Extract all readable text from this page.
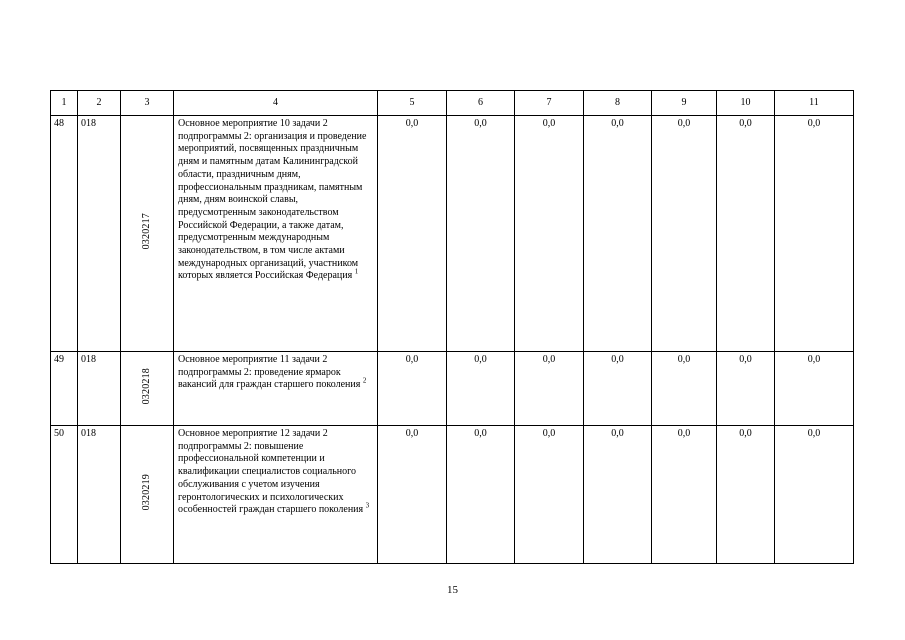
1	2	3	4	5	6	7	8	9	10	11
48	018	0320217	Основное мероприятие 10 задачи 2 подпрограммы 2: организация и проведение мероприятий, посвященных праздничным дням и памятным датам Калининградской области, праздничным дням, профессиональным праздникам, памятным дням, дням воинской славы, предусмотренным законодательством Российской Федерации, а также датам, предусмотренным международным законодательством, в том числе актами международных организаций, участником которых является Российская Федерация $^1$	0,0	0,0	0,0	0,0	0,0	0,0	0,0
49	018	0320218	Основное мероприятие 11 задачи 2 подпрограммы 2: проведение ярмарок вакансий для граждан старшего поколения $^2$	0,0	0,0	0,0	0,0	0,0	0,0	0,0
50	018	0320219	Основное мероприятие 12 задачи 2 подпрограммы 2: повышение профессиональной компетенции и квалификации специалистов социального обслуживания с учетом изучения геронтологических и психологических особенностей граждан старшего поколения $^3$	0,0	0,0	0,0	0,0	0,0	0,0	0,0
15
